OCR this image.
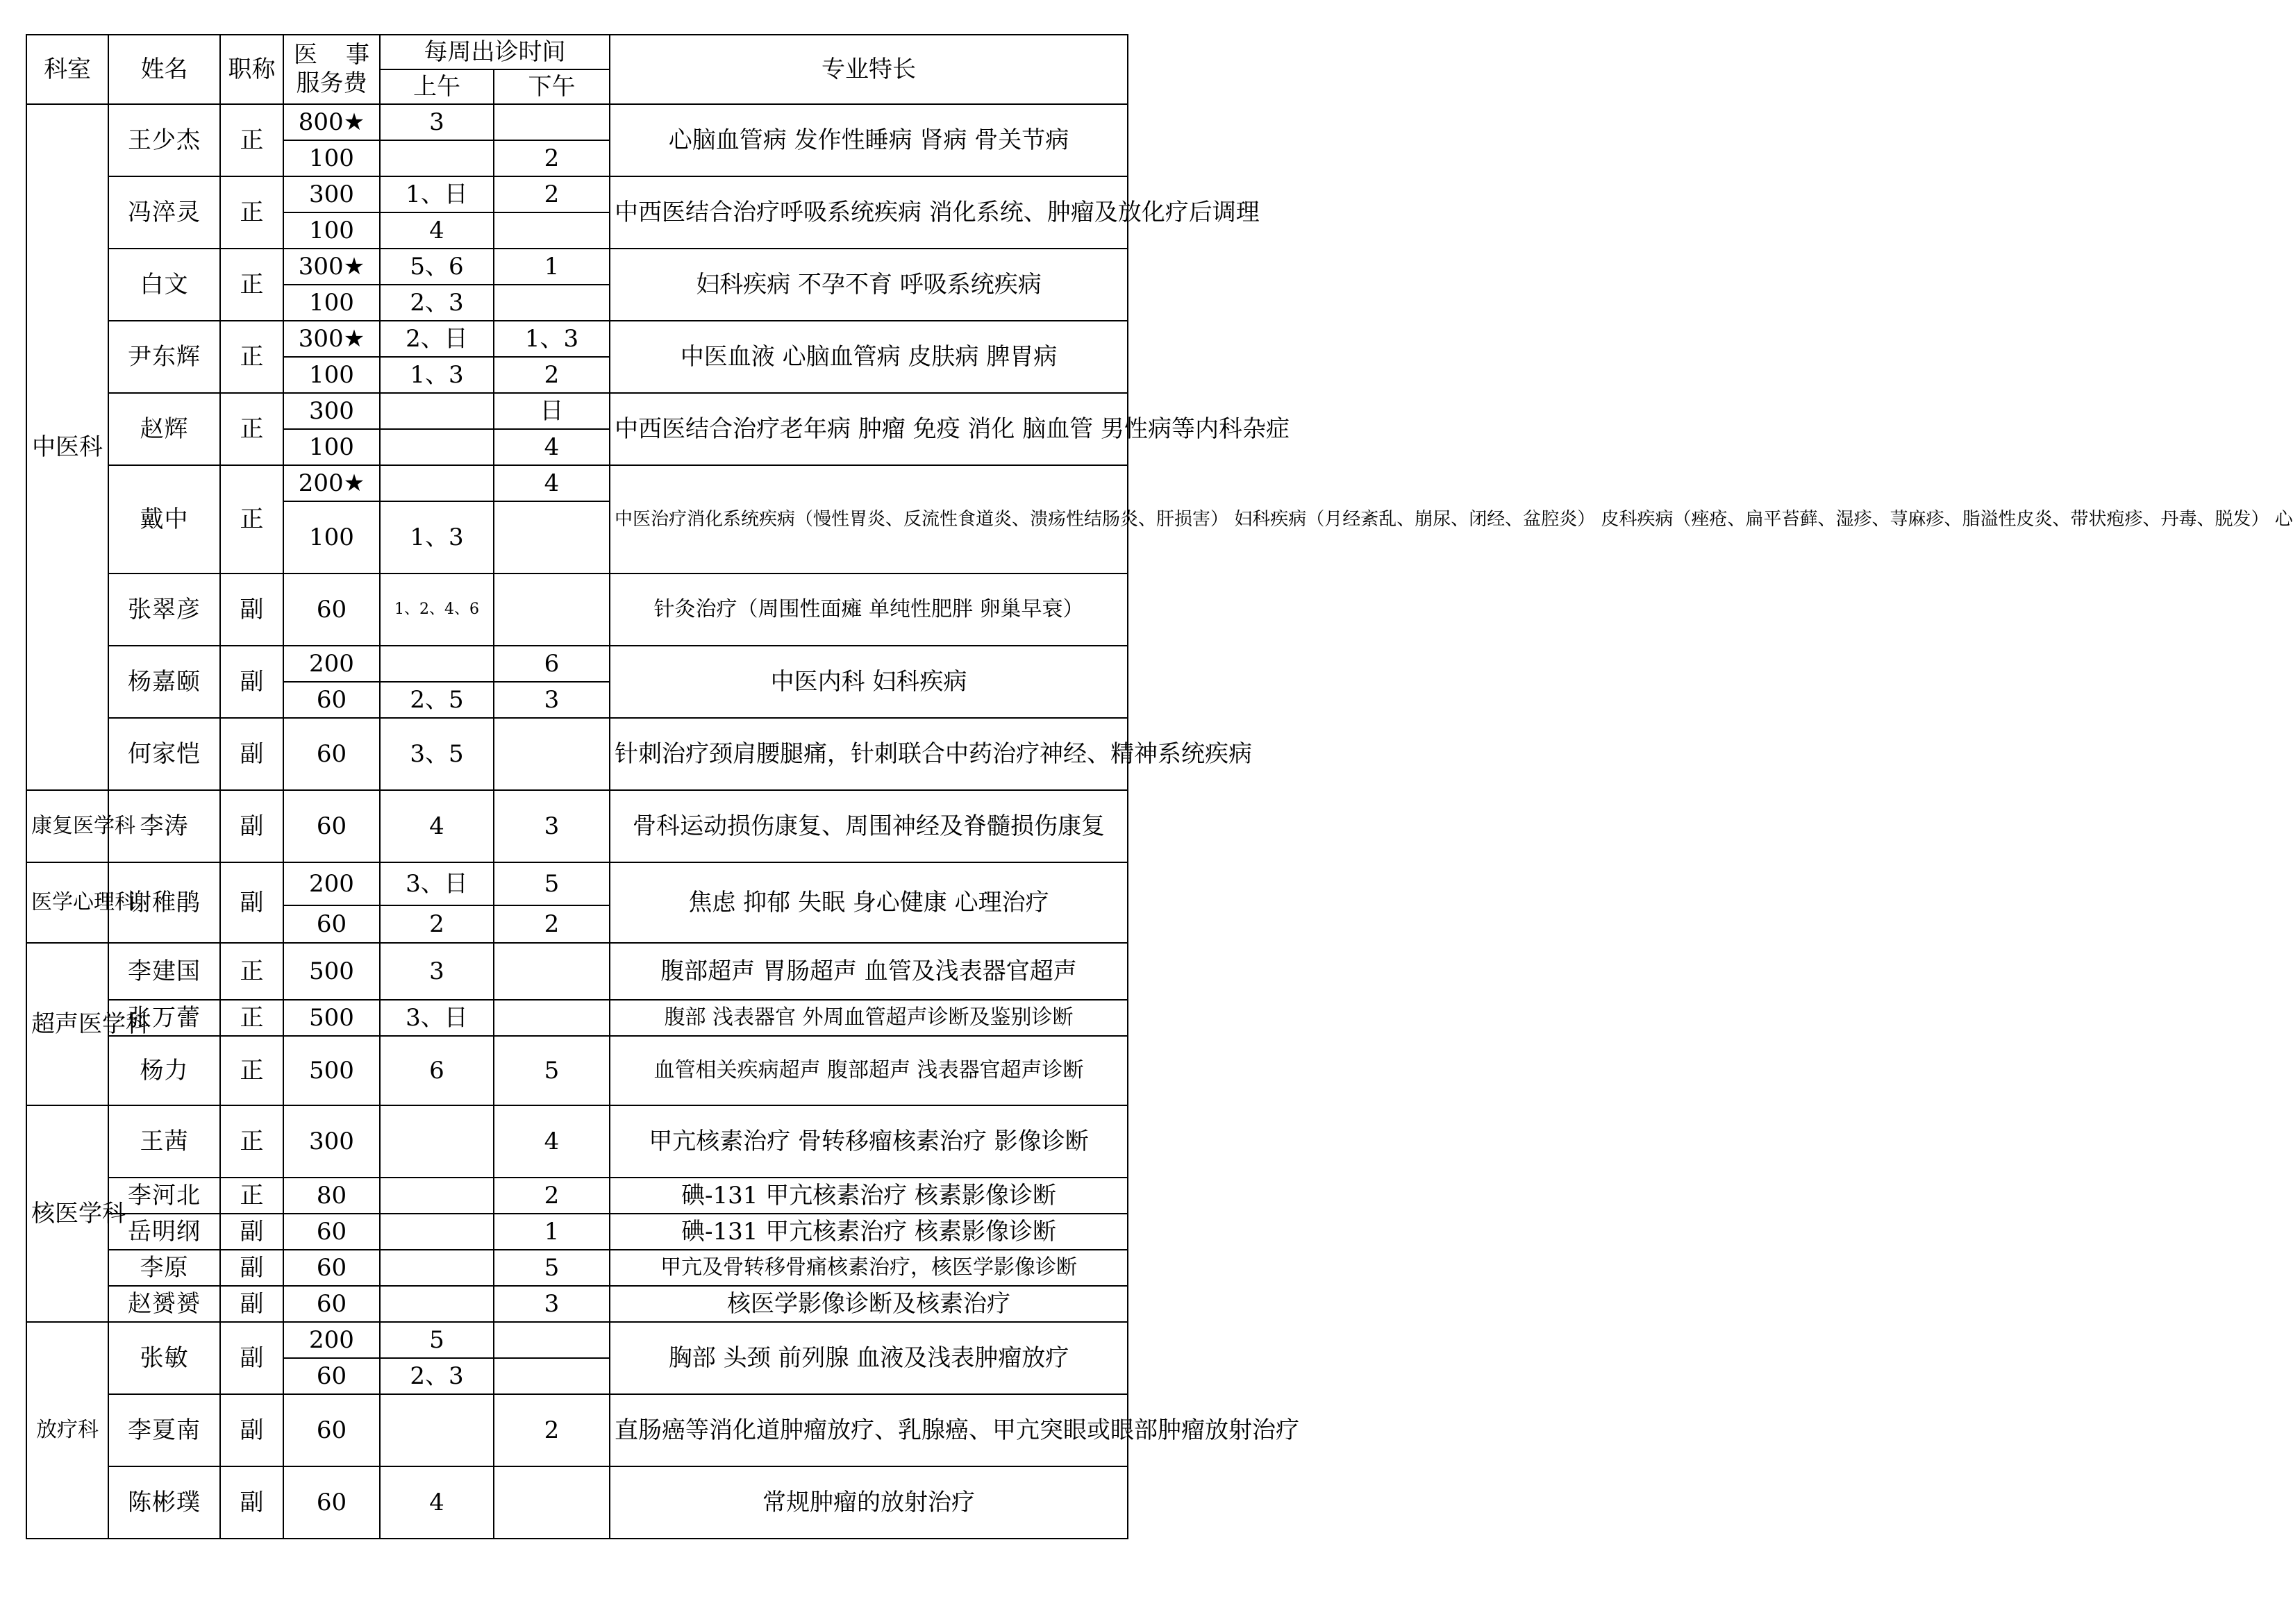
科室	姓名	职称	医 事
服务费	每周出诊时间		专业特长
				上午	下午	
中医科	王少杰	正	800★	3		心脑血管病 发作性睡病 肾病 骨关节病
			100		2	
	冯淬灵	正	300	1、日	2	中西医结合治疗呼吸系统疾病 消化系统、肿瘤及放化疗后调理
			100	4		
	白文	正	300★	5、6	1	妇科疾病 不孕不育 呼吸系统疾病
			100	2、3		
	尹东辉	正	300★	2、日	1、3	中医血液 心脑血管病 皮肤病 脾胃病
			100	1、3	2	
	赵辉	正	300		日	中西医结合治疗老年病 肿瘤 免疫 消化 脑血管 男性病等内科杂症
			100		4	
	戴中	正	200★		4	中医治疗消化系统疾病（慢性胃炎、反流性食道炎、溃疡性结肠炎、肝损害） 妇科疾病（月经紊乱、崩尿、闭经、盆腔炎） 皮科疾病（痤疮、扁平苔藓、湿疹、荨麻疹、脂溢性皮炎、带状疱疹、丹毒、脱发） 心
			100	1、3		
	张翠彦	副	60	1、2、4、6		针灸治疗（周围性面瘫 单纯性肥胖 卵巢早衰）
	杨嘉颐	副	200		6	中医内科 妇科疾病
			60	2、5	3	
	何家恺	副	60	3、5		针刺治疗颈肩腰腿痛，针刺联合中药治疗神经、精神系统疾病
康复医学科	李涛	副	60	4	3	骨科运动损伤康复、周围神经及脊髓损伤康复
医学心理科	谢稚鹃	副	200	3、日	5	焦虑 抑郁 失眠 身心健康 心理治疗
			60	2	2	
超声医学科	李建国	正	500	3		腹部超声 胃肠超声 血管及浅表器官超声
	张万蕾	正	500	3、日		腹部 浅表器官 外周血管超声诊断及鉴别诊断
	杨力	正	500	6	5	血管相关疾病超声 腹部超声 浅表器官超声诊断
核医学科	王茜	正	300		4	甲亢核素治疗 骨转移瘤核素治疗 影像诊断
	李河北	正	80		2	碘-131 甲亢核素治疗 核素影像诊断
	岳明纲	副	60		1	碘-131 甲亢核素治疗 核素影像诊断
	李原	副	60		5	甲亢及骨转移骨痛核素治疗，核医学影像诊断
	赵赟赟	副	60		3	核医学影像诊断及核素治疗
放疗科	张敏	副	200	5		胸部 头颈 前列腺 血液及浅表肿瘤放疗
			60	2、3		
	李夏南	副	60		2	直肠癌等消化道肿瘤放疗、乳腺癌、甲亢突眼或眼部肿瘤放射治疗
	陈彬璞	副	60	4		常规肿瘤的放射治疗
